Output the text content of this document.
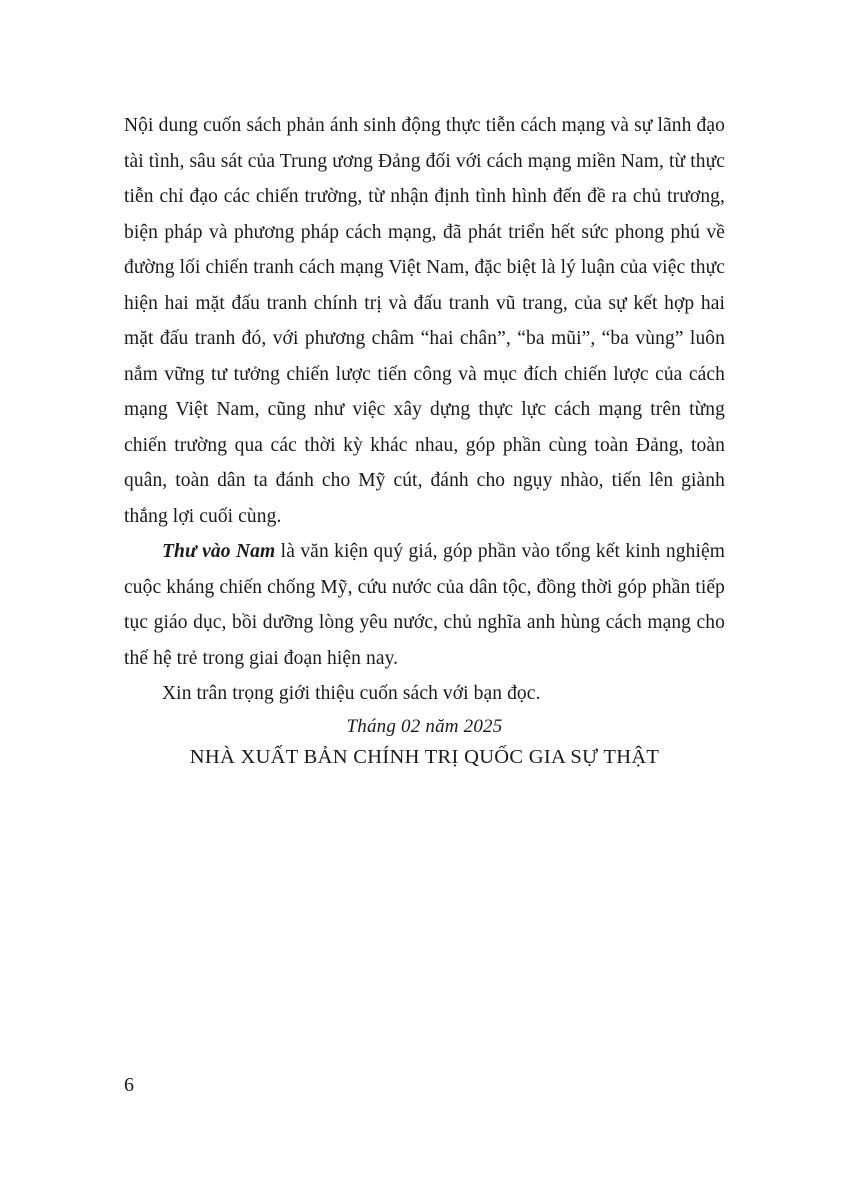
Nội dung cuốn sách phản ánh sinh động thực tiễn cách mạng và sự lãnh đạo tài tình, sâu sát của Trung ương Đảng đối với cách mạng miền Nam, từ thực tiễn chỉ đạo các chiến trường, từ nhận định tình hình đến đề ra chủ trương, biện pháp và phương pháp cách mạng, đã phát triển hết sức phong phú về đường lối chiến tranh cách mạng Việt Nam, đặc biệt là lý luận của việc thực hiện hai mặt đấu tranh chính trị và đấu tranh vũ trang, của sự kết hợp hai mặt đấu tranh đó, với phương châm “hai chân”, “ba mũi”, “ba vùng” luôn nắm vững tư tưởng chiến lược tiến công và mục đích chiến lược của cách mạng Việt Nam, cũng như việc xây dựng thực lực cách mạng trên từng chiến trường qua các thời kỳ khác nhau, góp phần cùng toàn Đảng, toàn quân, toàn dân ta đánh cho Mỹ cút, đánh cho ngụy nhào, tiến lên giành thắng lợi cuối cùng.

Thư vào Nam là văn kiện quý giá, góp phần vào tổng kết kinh nghiệm cuộc kháng chiến chống Mỹ, cứu nước của dân tộc, đồng thời góp phần tiếp tục giáo dục, bồi dưỡng lòng yêu nước, chủ nghĩa anh hùng cách mạng cho thế hệ trẻ trong giai đoạn hiện nay.

Xin trân trọng giới thiệu cuốn sách với bạn đọc.

Tháng 02 năm 2025

NHÀ XUẤT BẢN CHÍNH TRỊ QUỐC GIA SỰ THẬT

6
